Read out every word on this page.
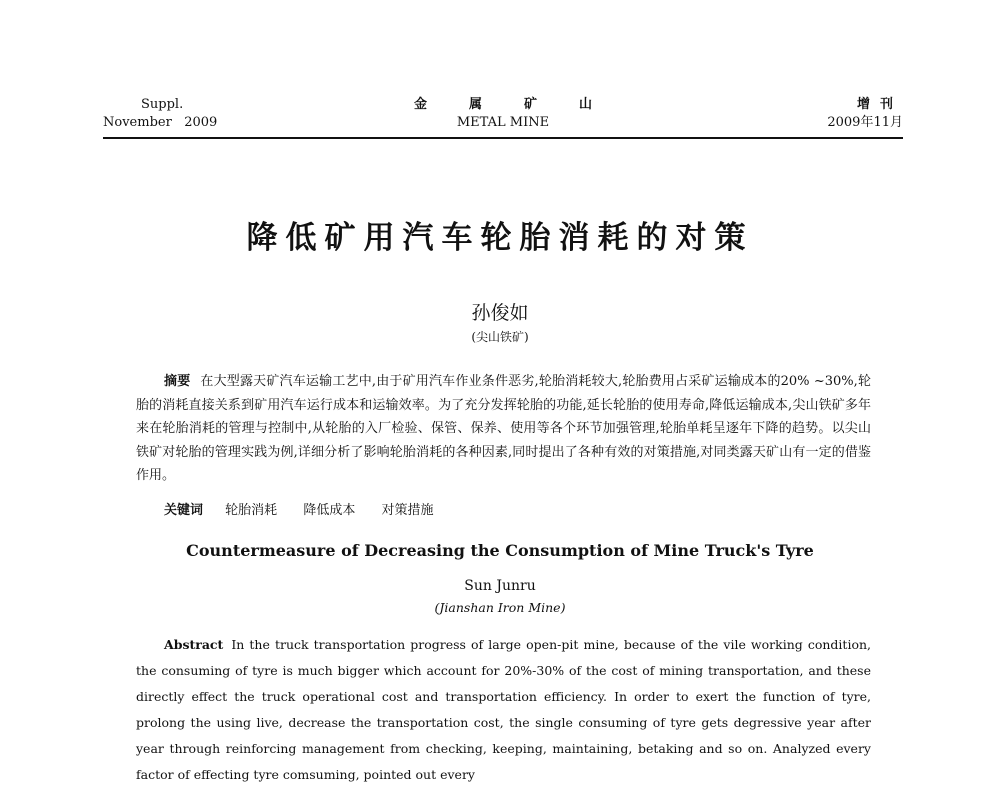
Suppl.
November   2009
金属矿山
METAL MINE
增刊
2009年11月
降低矿用汽车轮胎消耗的对策
孙俊如
(尖山铁矿)
摘要 在大型露天矿汽车运输工艺中,由于矿用汽车作业条件恶劣,轮胎消耗较大,轮胎费用占采矿运输成本的20% ~30%,轮胎的消耗直接关系到矿用汽车运行成本和运输效率。为了充分发挥轮胎的功能,延长轮胎的使用寿命,降低运输成本,尖山铁矿多年来在轮胎消耗的管理与控制中,从轮胎的入厂检验、保管、保养、使用等各个环节加强管理,轮胎单耗呈逐年下降的趋势。以尖山铁矿对轮胎的管理实践为例,详细分析了影响轮胎消耗的各种因素,同时提出了各种有效的对策措施,对同类露天矿山有一定的借鉴作用。
关键词 轮胎消耗 降低成本 对策措施
Countermeasure of Decreasing the Consumption of Mine Truck's Tyre
Sun Junru
(Jianshan Iron Mine)
Abstract In the truck transportation progress of large open-pit mine, because of the vile working condition, the consuming of tyre is much bigger which account for 20%-30% of the cost of mining transportation, and these directly effect the truck operational cost and transportation efficiency. In order to exert the function of tyre, prolong the using live, decrease the transportation cost, the single consuming of tyre gets degressive year after year through reinforcing management from checking, keeping, maintaining, betaking and so on. Analyzed every factor of effecting tyre comsuming, pointed out every
